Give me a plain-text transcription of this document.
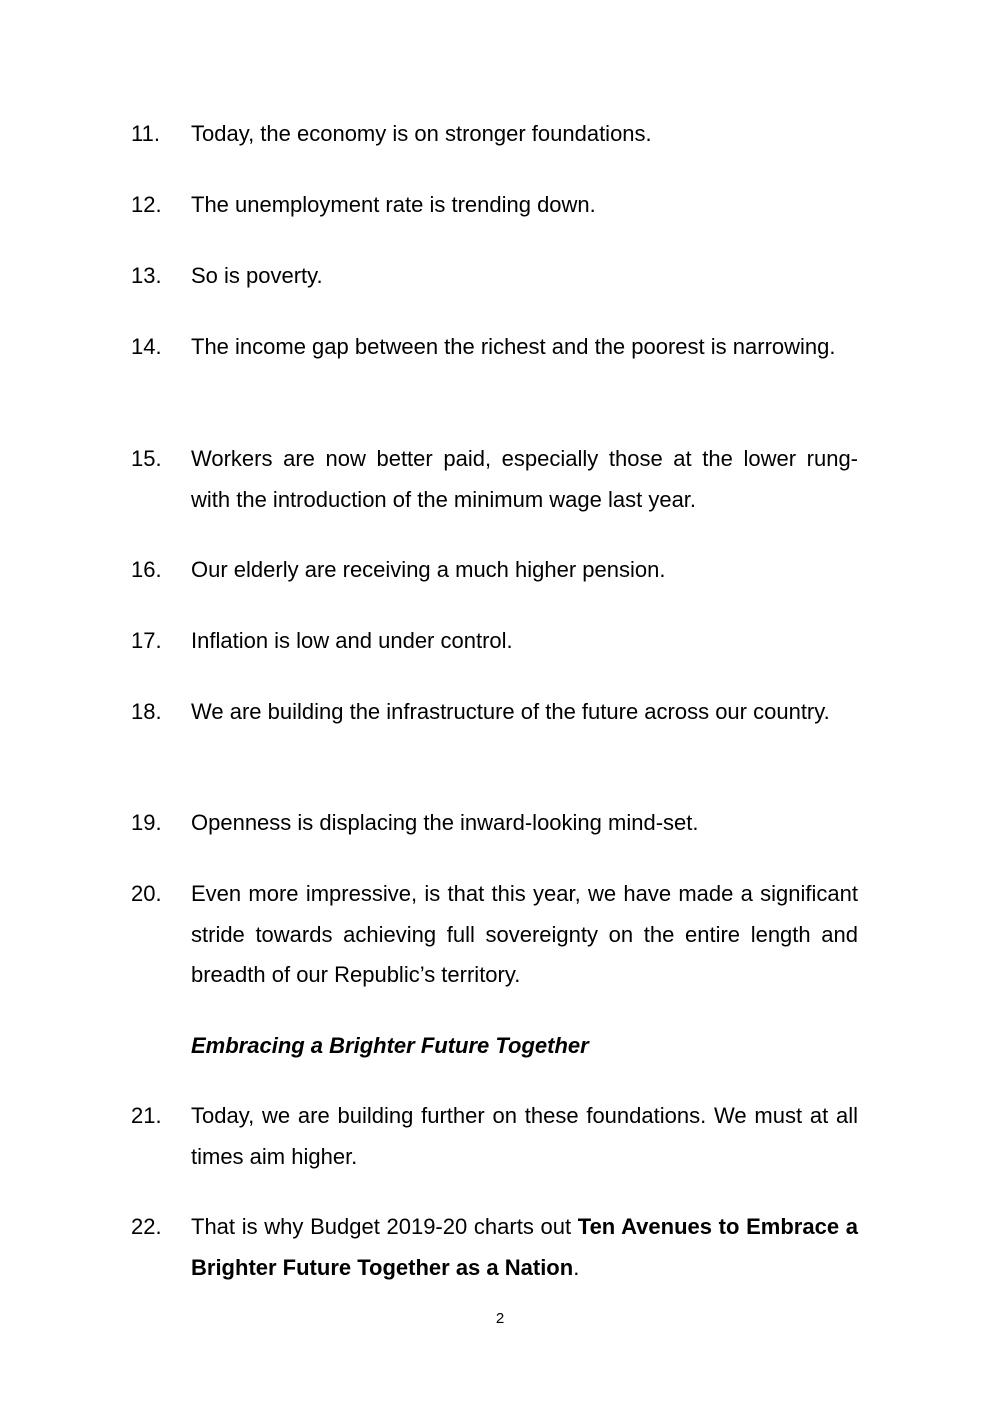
11.	Today, the economy is on stronger foundations.
12.	The unemployment rate is trending down.
13.	So is poverty.
14.	The income gap between the richest and the poorest is narrowing.
15.	Workers are now better paid, especially those at the lower rung- with the introduction of the minimum wage last year.
16.	Our elderly are receiving a much higher pension.
17.	Inflation is low and under control.
18.	We are building the infrastructure of the future across our country.
19.	Openness is displacing the inward-looking mind-set.
20.	Even more impressive, is that this year, we have made a significant stride towards achieving full sovereignty on the entire length and breadth of our Republic’s territory.
Embracing a Brighter Future Together
21.	Today, we are building further on these foundations. We must at all times aim higher.
22.	That is why Budget 2019-20 charts out Ten Avenues to Embrace a Brighter Future Together as a Nation.
2
